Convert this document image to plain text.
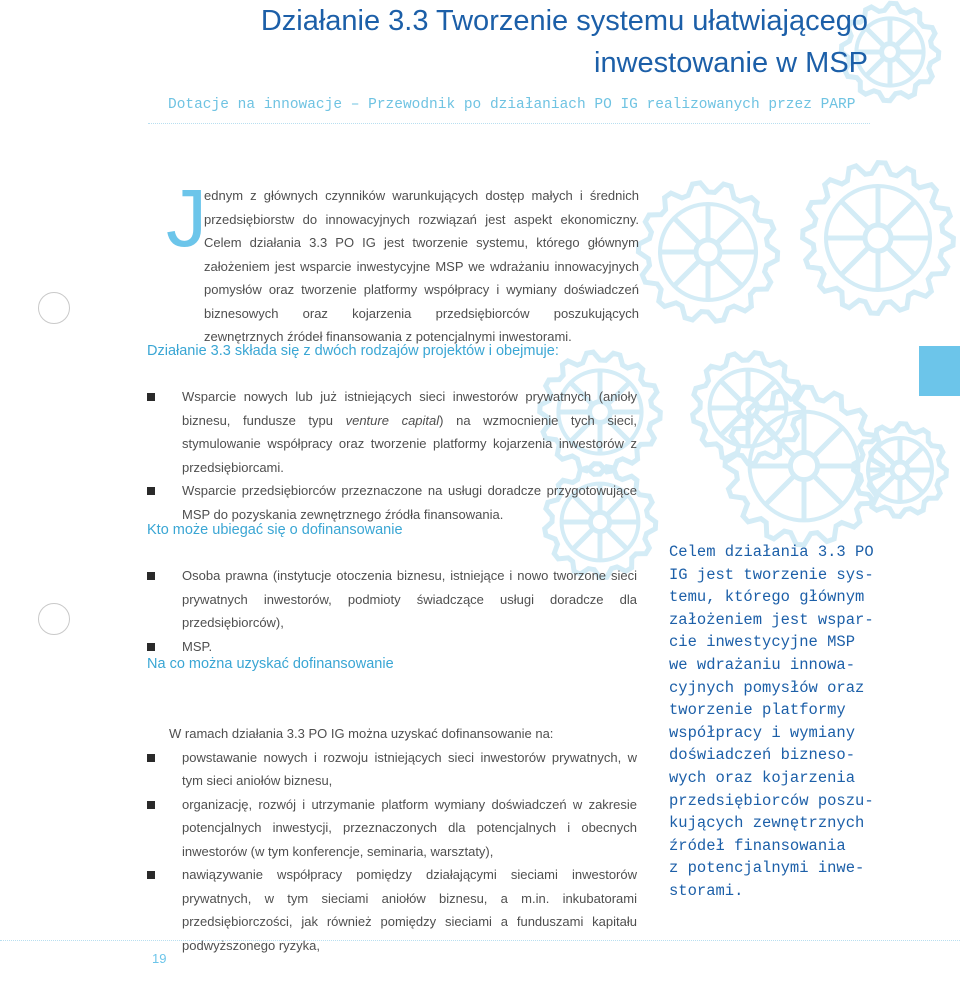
Działanie 3.3 Tworzenie systemu ułatwiającego
inwestowanie w MSP
Dotacje na innowacje – Przewodnik po działaniach PO IG realizowanych przez PARP
J

ednym z głównych czynników warunkujących dostęp małych i średnich przedsiębiorstw do innowacyjnych rozwiązań jest aspekt ekonomiczny. Celem działania 3.3 PO IG jest tworzenie systemu, którego głównym założeniem jest wsparcie inwestycyjne MSP we wdrażaniu innowacyjnych pomysłów oraz tworzenie platformy współpracy i wymiany doświadczeń biznesowych oraz kojarzenia przedsiębiorców poszukujących zewnętrznych źródeł finansowania z potencjalnymi inwestorami.

Działanie 3.3 składa się z dwóch rodzajów projektów i obejmuje:
Wsparcie nowych lub już istniejących sieci inwestorów prywatnych (anioły biznesu, fundusze typu venture capital) na wzmocnienie tych sieci, stymulowanie współpracy oraz tworzenie platformy kojarzenia inwestorów z przedsiębiorcami.
Wsparcie przedsiębiorców przeznaczone na usługi doradcze przygotowujące MSP do pozyskania zewnętrznego źródła finansowania.
Kto może ubiegać się o dofinansowanie
Osoba prawna (instytucje otoczenia biznesu, istniejące i nowo tworzone sieci prywatnych inwestorów, podmioty świadczące usługi doradcze dla przedsiębiorców),
MSP.
Na co można uzyskać dofinansowanie
W ramach działania 3.3 PO IG można uzyskać dofinansowanie na:
powstawanie nowych i rozwoju istniejących sieci inwestorów prywatnych, w tym sieci aniołów biznesu,
organizację, rozwój i utrzymanie platform wymiany doświadczeń w zakresie potencjalnych inwestycji, przeznaczonych dla potencjalnych i obecnych inwestorów (w tym konferencje, seminaria, warsztaty),
nawiązywanie współpracy pomiędzy działającymi sieciami inwestorów prywatnych, w tym sieciami aniołów biznesu, a m.in. inkubatorami przedsiębiorczości, jak również pomiędzy sieciami a funduszami kapitału podwyższonego ryzyka,
Celem działania 3.3 PO
IG jest tworzenie sys-
temu, którego głównym
założeniem jest wspar-
cie inwestycyjne MSP
we wdrażaniu innowa-
cyjnych pomysłów oraz
tworzenie platformy
współpracy i wymiany
doświadczeń bizneso-
wych oraz kojarzenia
przedsiębiorców poszu-
kujących zewnętrznych
źródeł finansowania
z potencjalnymi inwe-
storami.
19
